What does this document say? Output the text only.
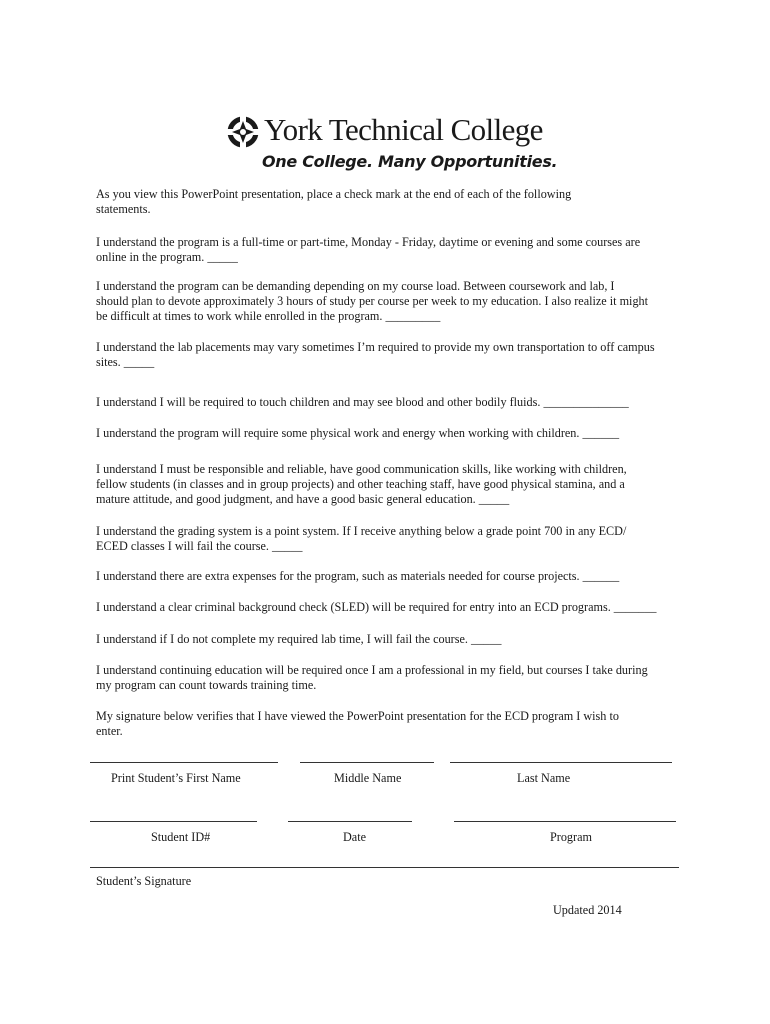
York Technical College
One College. Many Opportunities.
As you view this PowerPoint presentation, place a check mark at the end of each of the following
statements.
I understand the program is a full-time or part-time, Monday - Friday, daytime or evening and some courses are
online in the program. _____
I understand the program can be demanding depending on my course load. Between coursework and lab, I
should plan to devote approximately 3 hours of study per course per week to my education. I also realize it might
be difficult at times to work while enrolled in the program. _________
I understand the lab placements may vary sometimes I’m required to provide my own transportation to off campus
sites. _____
I understand I will be required to touch children and may see blood and other bodily fluids. ______________
I understand the program will require some physical work and energy when working with children. ______
I understand I must be responsible and reliable, have good communication skills, like working with children,
fellow students (in classes and in group projects) and other teaching staff, have good physical stamina, and a
mature attitude, and good judgment, and have a good basic general education. _____
I understand the grading system is a point system. If I receive anything below a grade point 700 in any ECD/
ECED classes I will fail the course. _____
I understand there are extra expenses for the program, such as materials needed for course projects. ______
I understand a clear criminal background check (SLED) will be required for entry into an ECD programs. _______
I understand if I do not complete my required lab time, I will fail the course. _____
I understand continuing education will be required once I am a professional in my field, but courses I take during
my program can count towards training time.
My signature below verifies that I have viewed the PowerPoint presentation for the ECD program I wish to
enter.
Print Student’s First Name	Middle Name	Last Name
Student ID#	Date	Program
Student’s Signature
Updated 2014
